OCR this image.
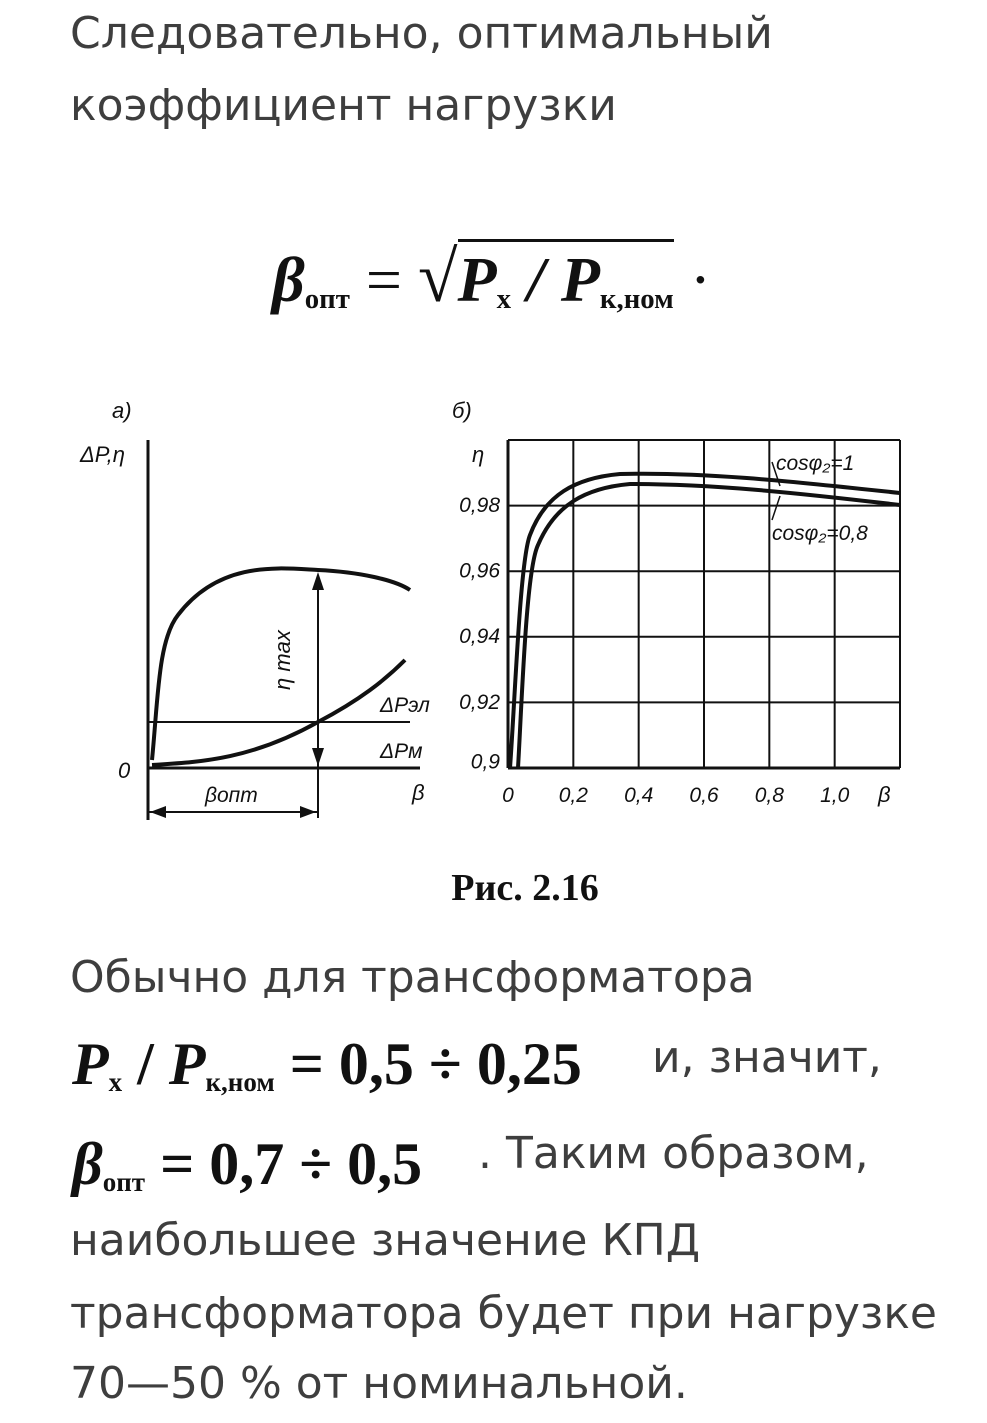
Следовательно, оптимальный
коэффициент нагрузки
$\beta_{опт} = √P_x / P_{к,ном}$ ·
а)
ΔP,η
0
η max
ΔPэл
ΔPм
βопт	β
б)
η
0,98
0,96
0,94
0,92
0,9
0 0,2 0,4 0,6 0,8 1,0 β
cosφ₂=1
cosφ₂=0,8
Рис. 2.16
Обычно для трансформатора
$P_x / P_{к,ном} = 0,5 \div 0,25$ и, значит,
$\beta_{опт} = 0,7 \div 0,5$ . Таким образом,
наибольшее значение КПД
трансформатора будет при нагрузке
70—50 % от номинальной.
